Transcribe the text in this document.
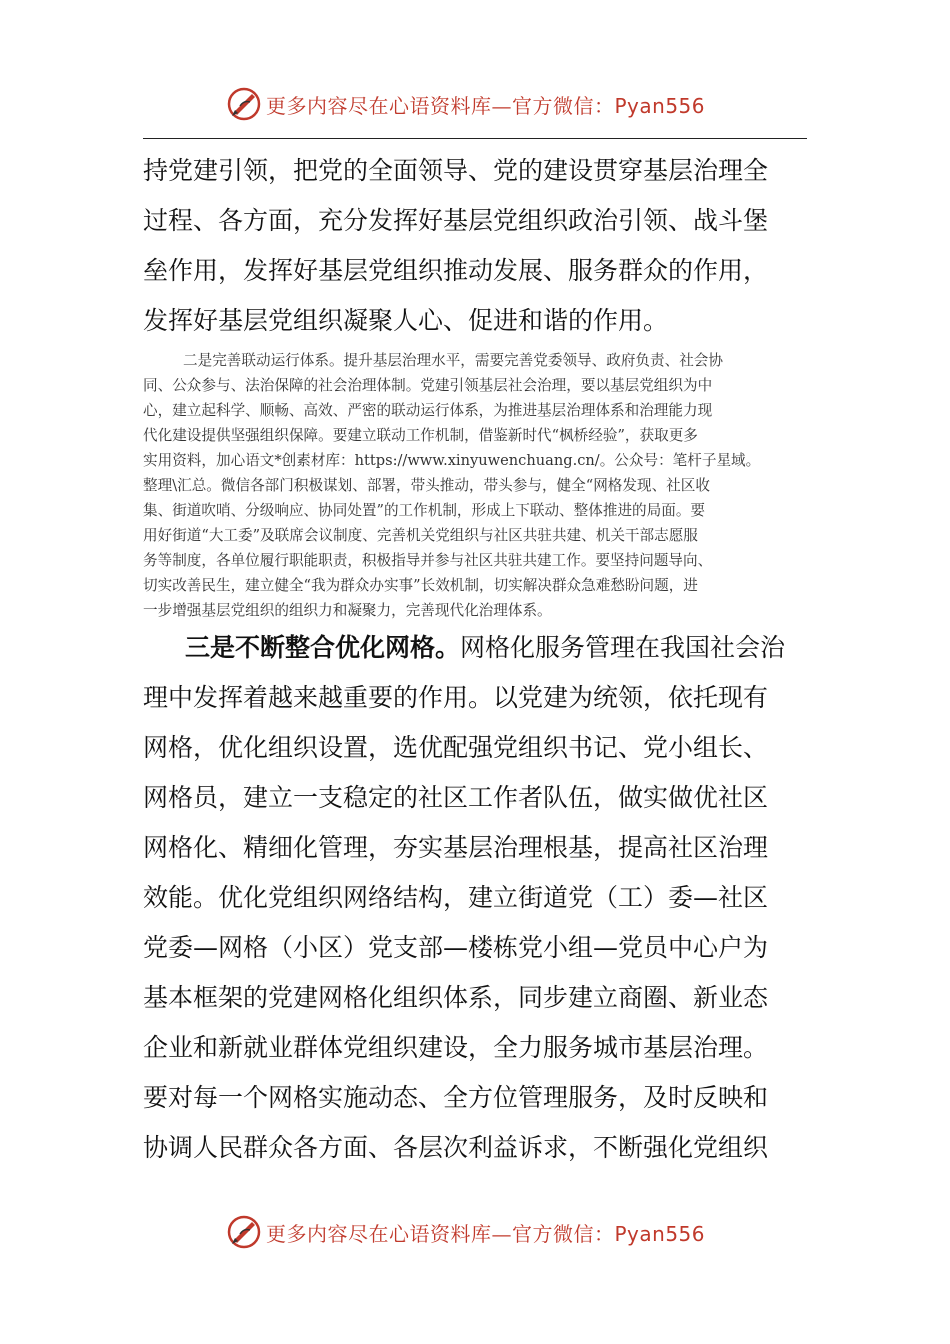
更多内容尽在心语资料库—官方微信：Pyan556
持党建引领，把党的全面领导、党的建设贯穿基层治理全
过程、各方面，充分发挥好基层党组织政治引领、战斗堡
垒作用，发挥好基层党组织推动发展、服务群众的作用，
发挥好基层党组织凝聚人心、促进和谐的作用。
二是完善联动运行体系。提升基层治理水平，需要完善党委领导、政府负责、社会协
同、公众参与、法治保障的社会治理体制。党建引领基层社会治理，要以基层党组织为中
心，建立起科学、顺畅、高效、严密的联动运行体系，为推进基层治理体系和治理能力现
代化建设提供坚强组织保障。要建立联动工作机制，借鉴新时代“枫桥经验”，获取更多
实用资料，加心语文*创素材库：https://www.xinyuwenchuang.cn/。公众号：笔杆子星域。
整理\汇总。微信各部门积极谋划、部署，带头推动，带头参与，健全“网格发现、社区收
集、街道吹哨、分级响应、协同处置”的工作机制，形成上下联动、整体推进的局面。要
用好街道“大工委”及联席会议制度、完善机关党组织与社区共驻共建、机关干部志愿服
务等制度，各单位履行职能职责，积极指导并参与社区共驻共建工作。要坚持问题导向、
切实改善民生，建立健全“我为群众办实事”长效机制，切实解决群众急难愁盼问题，进
一步增强基层党组织的组织力和凝聚力，完善现代化治理体系。
三是不断整合优化网格。网格化服务管理在我国社会治
理中发挥着越来越重要的作用。以党建为统领，依托现有
网格，优化组织设置，选优配强党组织书记、党小组长、
网格员，建立一支稳定的社区工作者队伍，做实做优社区
网格化、精细化管理，夯实基层治理根基，提高社区治理
效能。优化党组织网络结构，建立街道党（工）委—社区
党委—网格（小区）党支部—楼栋党小组—党员中心户为
基本框架的党建网格化组织体系，同步建立商圈、新业态
企业和新就业群体党组织建设，全力服务城市基层治理。
要对每一个网格实施动态、全方位管理服务，及时反映和
协调人民群众各方面、各层次利益诉求，不断强化党组织
更多内容尽在心语资料库—官方微信：Pyan556
